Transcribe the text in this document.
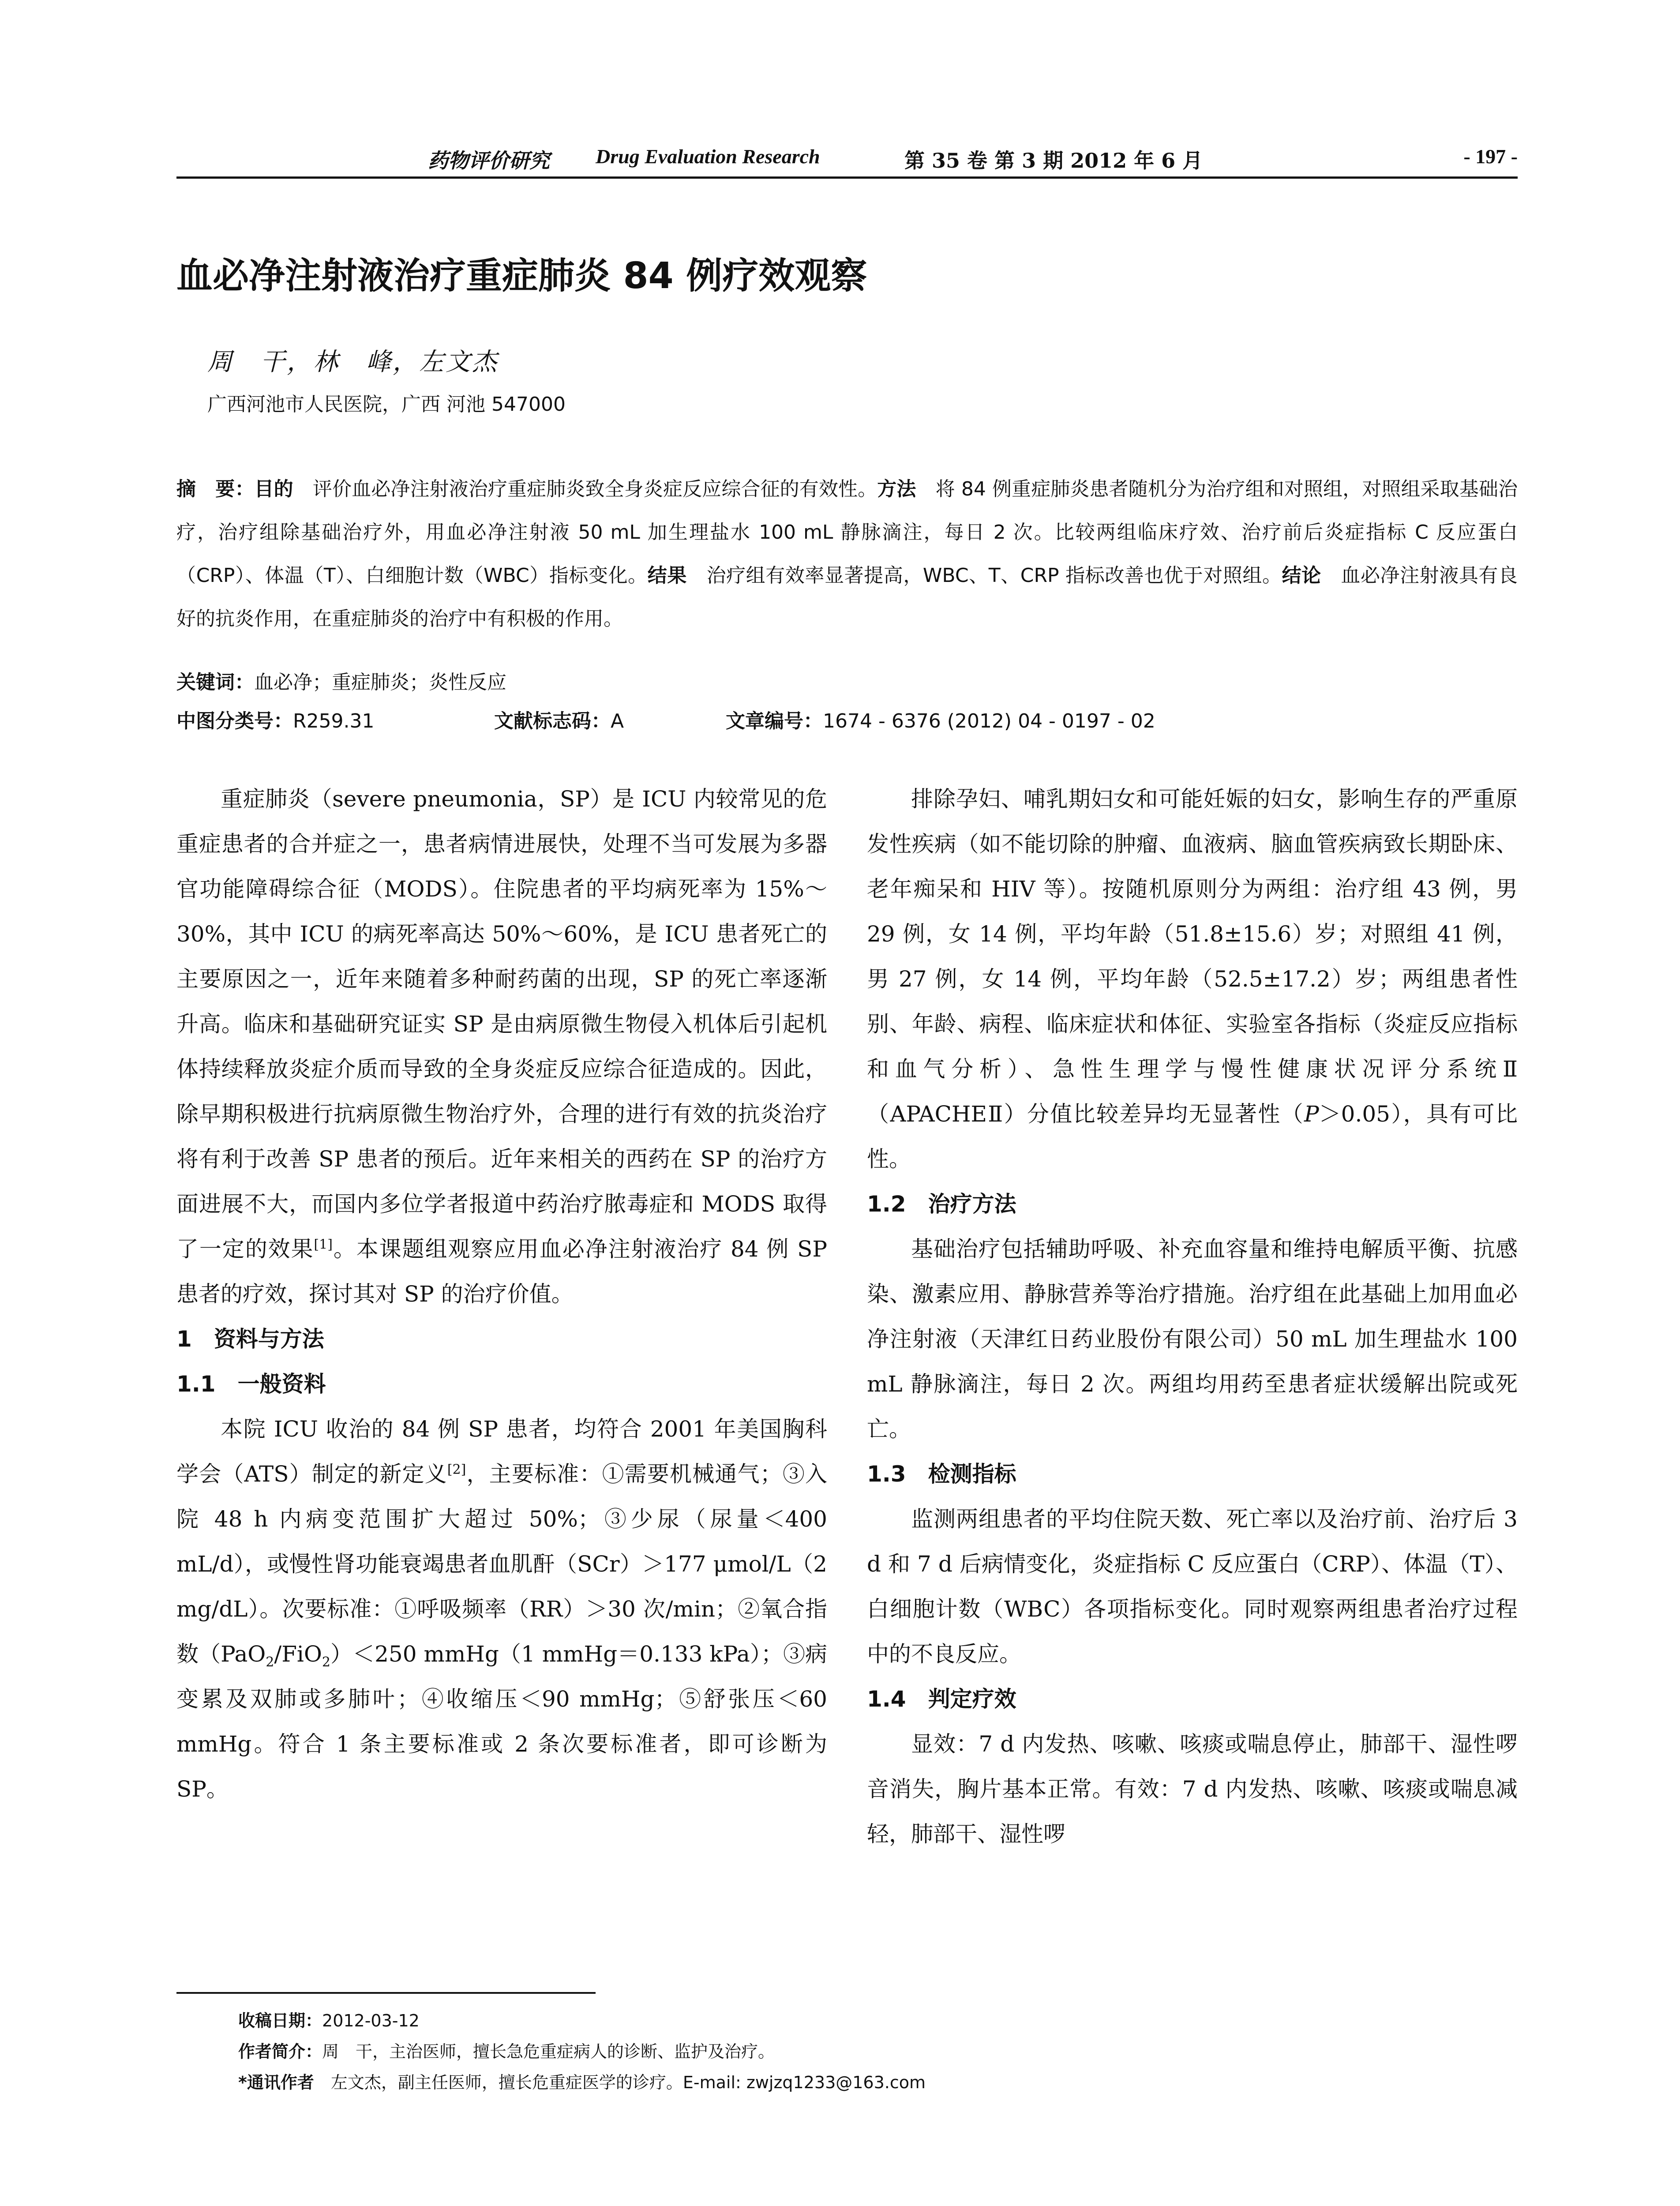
药物评价研究 Drug Evaluation Research	第 35 卷 第 3 期 2012 年 6 月	- 197 -
血必净注射液治疗重症肺炎 84 例疗效观察
周　干，林　峰，左文杰
广西河池市人民医院，广西 河池 547000
摘　要：目的　评价血必净注射液治疗重症肺炎致全身炎症反应综合征的有效性。方法　将 84 例重症肺炎患者随机分为治疗组和对照组，对照组采取基础治疗，治疗组除基础治疗外，用血必净注射液 50 mL 加生理盐水 100 mL 静脉滴注，每日 2 次。比较两组临床疗效、治疗前后炎症指标 C 反应蛋白（CRP）、体温（T）、白细胞计数（WBC）指标变化。结果　治疗组有效率显著提高，WBC、T、CRP 指标改善也优于对照组。结论　血必净注射液具有良好的抗炎作用，在重症肺炎的治疗中有积极的作用。
关键词：血必净；重症肺炎；炎性反应
中图分类号：R259.31	文献标志码：A	文章编号：1674 - 6376 (2012) 04 - 0197 - 02

重症肺炎（severe pneumonia，SP）是 ICU 内较常见的危重症患者的合并症之一，患者病情进展快，处理不当可发展为多器官功能障碍综合征（MODS）。住院患者的平均病死率为 15%～30%，其中 ICU 的病死率高达 50%～60%，是 ICU 患者死亡的主要原因之一，近年来随着多种耐药菌的出现，SP 的死亡率逐渐升高。临床和基础研究证实 SP 是由病原微生物侵入机体后引起机体持续释放炎症介质而导致的全身炎症反应综合征造成的。因此，除早期积极进行抗病原微生物治疗外，合理的进行有效的抗炎治疗将有利于改善 SP 患者的预后。近年来相关的西药在 SP 的治疗方面进展不大，而国内多位学者报道中药治疗脓毒症和 MODS 取得了一定的效果[1]。本课题组观察应用血必净注射液治疗 84 例 SP 患者的疗效，探讨其对 SP 的治疗价值。

1　资料与方法
1.1　一般资料

本院 ICU 收治的 84 例 SP 患者，均符合 2001 年美国胸科学会（ATS）制定的新定义[2]，主要标准：①需要机械通气；③入院 48 h 内病变范围扩大超过 50%；③少尿（尿量＜400 mL/d），或慢性肾功能衰竭患者血肌酐（SCr）＞177 μmol/L（2 mg/dL）。次要标准：①呼吸频率（RR）＞30 次/min；②氧合指数（PaO$_2$/FiO$_2$）＜250 mmHg（1 mmHg＝0.133 kPa）；③病变累及双肺或多肺叶；④收缩压＜90 mmHg；⑤舒张压＜60 mmHg。符合 1 条主要标准或 2 条次要标准者，即可诊断为 SP。

排除孕妇、哺乳期妇女和可能妊娠的妇女，影响生存的严重原发性疾病（如不能切除的肿瘤、血液病、脑血管疾病致长期卧床、老年痴呆和 HIV 等）。按随机原则分为两组：治疗组 43 例，男 29 例，女 14 例，平均年龄（51.8±15.6）岁；对照组 41 例，男 27 例，女 14 例，平均年龄（52.5±17.2）岁；两组患者性别、年龄、病程、临床症状和体征、实验室各指标（炎症反应指标和血气分析）、急性生理学与慢性健康状况评分系统Ⅱ（APACHEⅡ）分值比较差异均无显著性（P＞0.05），具有可比性。

1.2　治疗方法

基础治疗包括辅助呼吸、补充血容量和维持电解质平衡、抗感染、激素应用、静脉营养等治疗措施。治疗组在此基础上加用血必净注射液（天津红日药业股份有限公司）50 mL 加生理盐水 100 mL 静脉滴注，每日 2 次。两组均用药至患者症状缓解出院或死亡。

1.3　检测指标

监测两组患者的平均住院天数、死亡率以及治疗前、治疗后 3 d 和 7 d 后病情变化，炎症指标 C 反应蛋白（CRP）、体温（T）、白细胞计数（WBC）各项指标变化。同时观察两组患者治疗过程中的不良反应。

1.4　判定疗效

显效：7 d 内发热、咳嗽、咳痰或喘息停止，肺部干、湿性啰音消失，胸片基本正常。有效：7 d 内发热、咳嗽、咳痰或喘息减轻，肺部干、湿性啰

收稿日期：2012-03-12
作者简介：周　干，主治医师，擅长急危重症病人的诊断、监护及治疗。
*通讯作者　左文杰，副主任医师，擅长危重症医学的诊疗。E-mail: zwjzq1233@163.com
